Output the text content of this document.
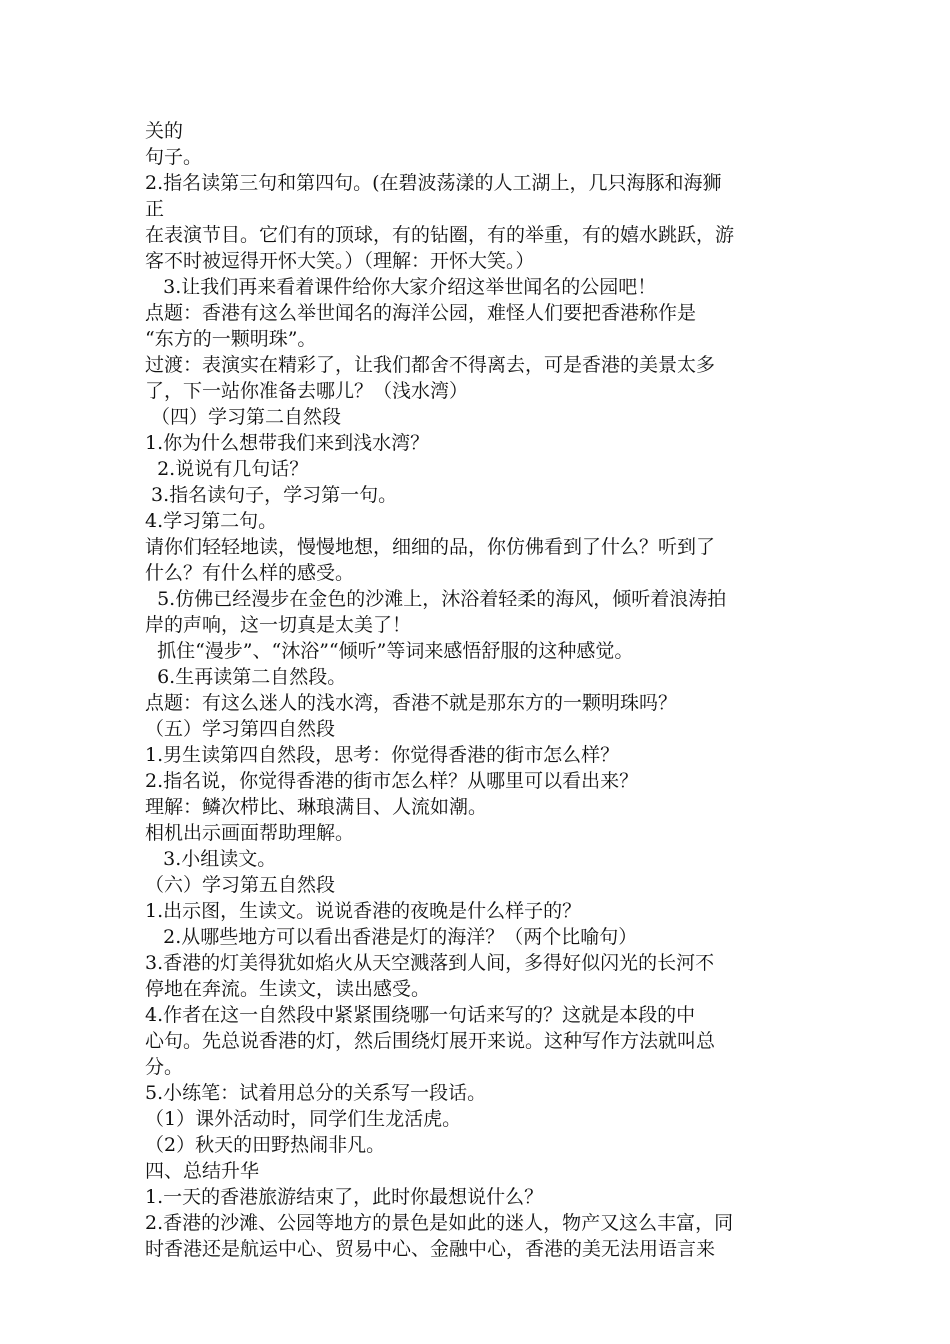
关的
句子。
2.指名读第三句和第四句。(在碧波荡漾的人工湖上，几只海豚和海狮
正
在表演节目。它们有的顶球，有的钻圈，有的举重，有的嬉水跳跃，游
客不时被逗得开怀大笑。）（理解：开怀大笑。）
3.让我们再来看着课件给你大家介绍这举世闻名的公园吧！
点题：香港有这么举世闻名的海洋公园，难怪人们要把香港称作是
“东方的一颗明珠”。
过渡：表演实在精彩了，让我们都舍不得离去，可是香港的美景太多
了，下一站你准备去哪儿？（浅水湾）
（四）学习第二自然段
1.你为什么想带我们来到浅水湾？
2.说说有几句话？
3.指名读句子，学习第一句。
4.学习第二句。
请你们轻轻地读，慢慢地想，细细的品，你仿佛看到了什么？听到了
什么？有什么样的感受。
5.仿佛已经漫步在金色的沙滩上，沐浴着轻柔的海风，倾听着浪涛拍
岸的声响，这一切真是太美了！
抓住“漫步”、“沐浴”“倾听”等词来感悟舒服的这种感觉。
6.生再读第二自然段。
点题：有这么迷人的浅水湾，香港不就是那东方的一颗明珠吗？
（五）学习第四自然段
1.男生读第四自然段，思考：你觉得香港的街市怎么样？
2.指名说，你觉得香港的街市怎么样？从哪里可以看出来？
理解：鳞次栉比、琳琅满目、人流如潮。
相机出示画面帮助理解。
3.小组读文。
（六）学习第五自然段
1.出示图，生读文。说说香港的夜晚是什么样子的？
2.从哪些地方可以看出香港是灯的海洋？（两个比喻句）
3.香港的灯美得犹如焰火从天空溅落到人间，多得好似闪光的长河不
停地在奔流。生读文，读出感受。
4.作者在这一自然段中紧紧围绕哪一句话来写的？这就是本段的中
心句。先总说香港的灯，然后围绕灯展开来说。这种写作方法就叫总
分。
5.小练笔：试着用总分的关系写一段话。
（1）课外活动时，同学们生龙活虎。
（2）秋天的田野热闹非凡。
四、总结升华
1.一天的香港旅游结束了，此时你最想说什么？
2.香港的沙滩、公园等地方的景色是如此的迷人，物产又这么丰富，同
时香港还是航运中心、贸易中心、金融中心，香港的美无法用语言来
